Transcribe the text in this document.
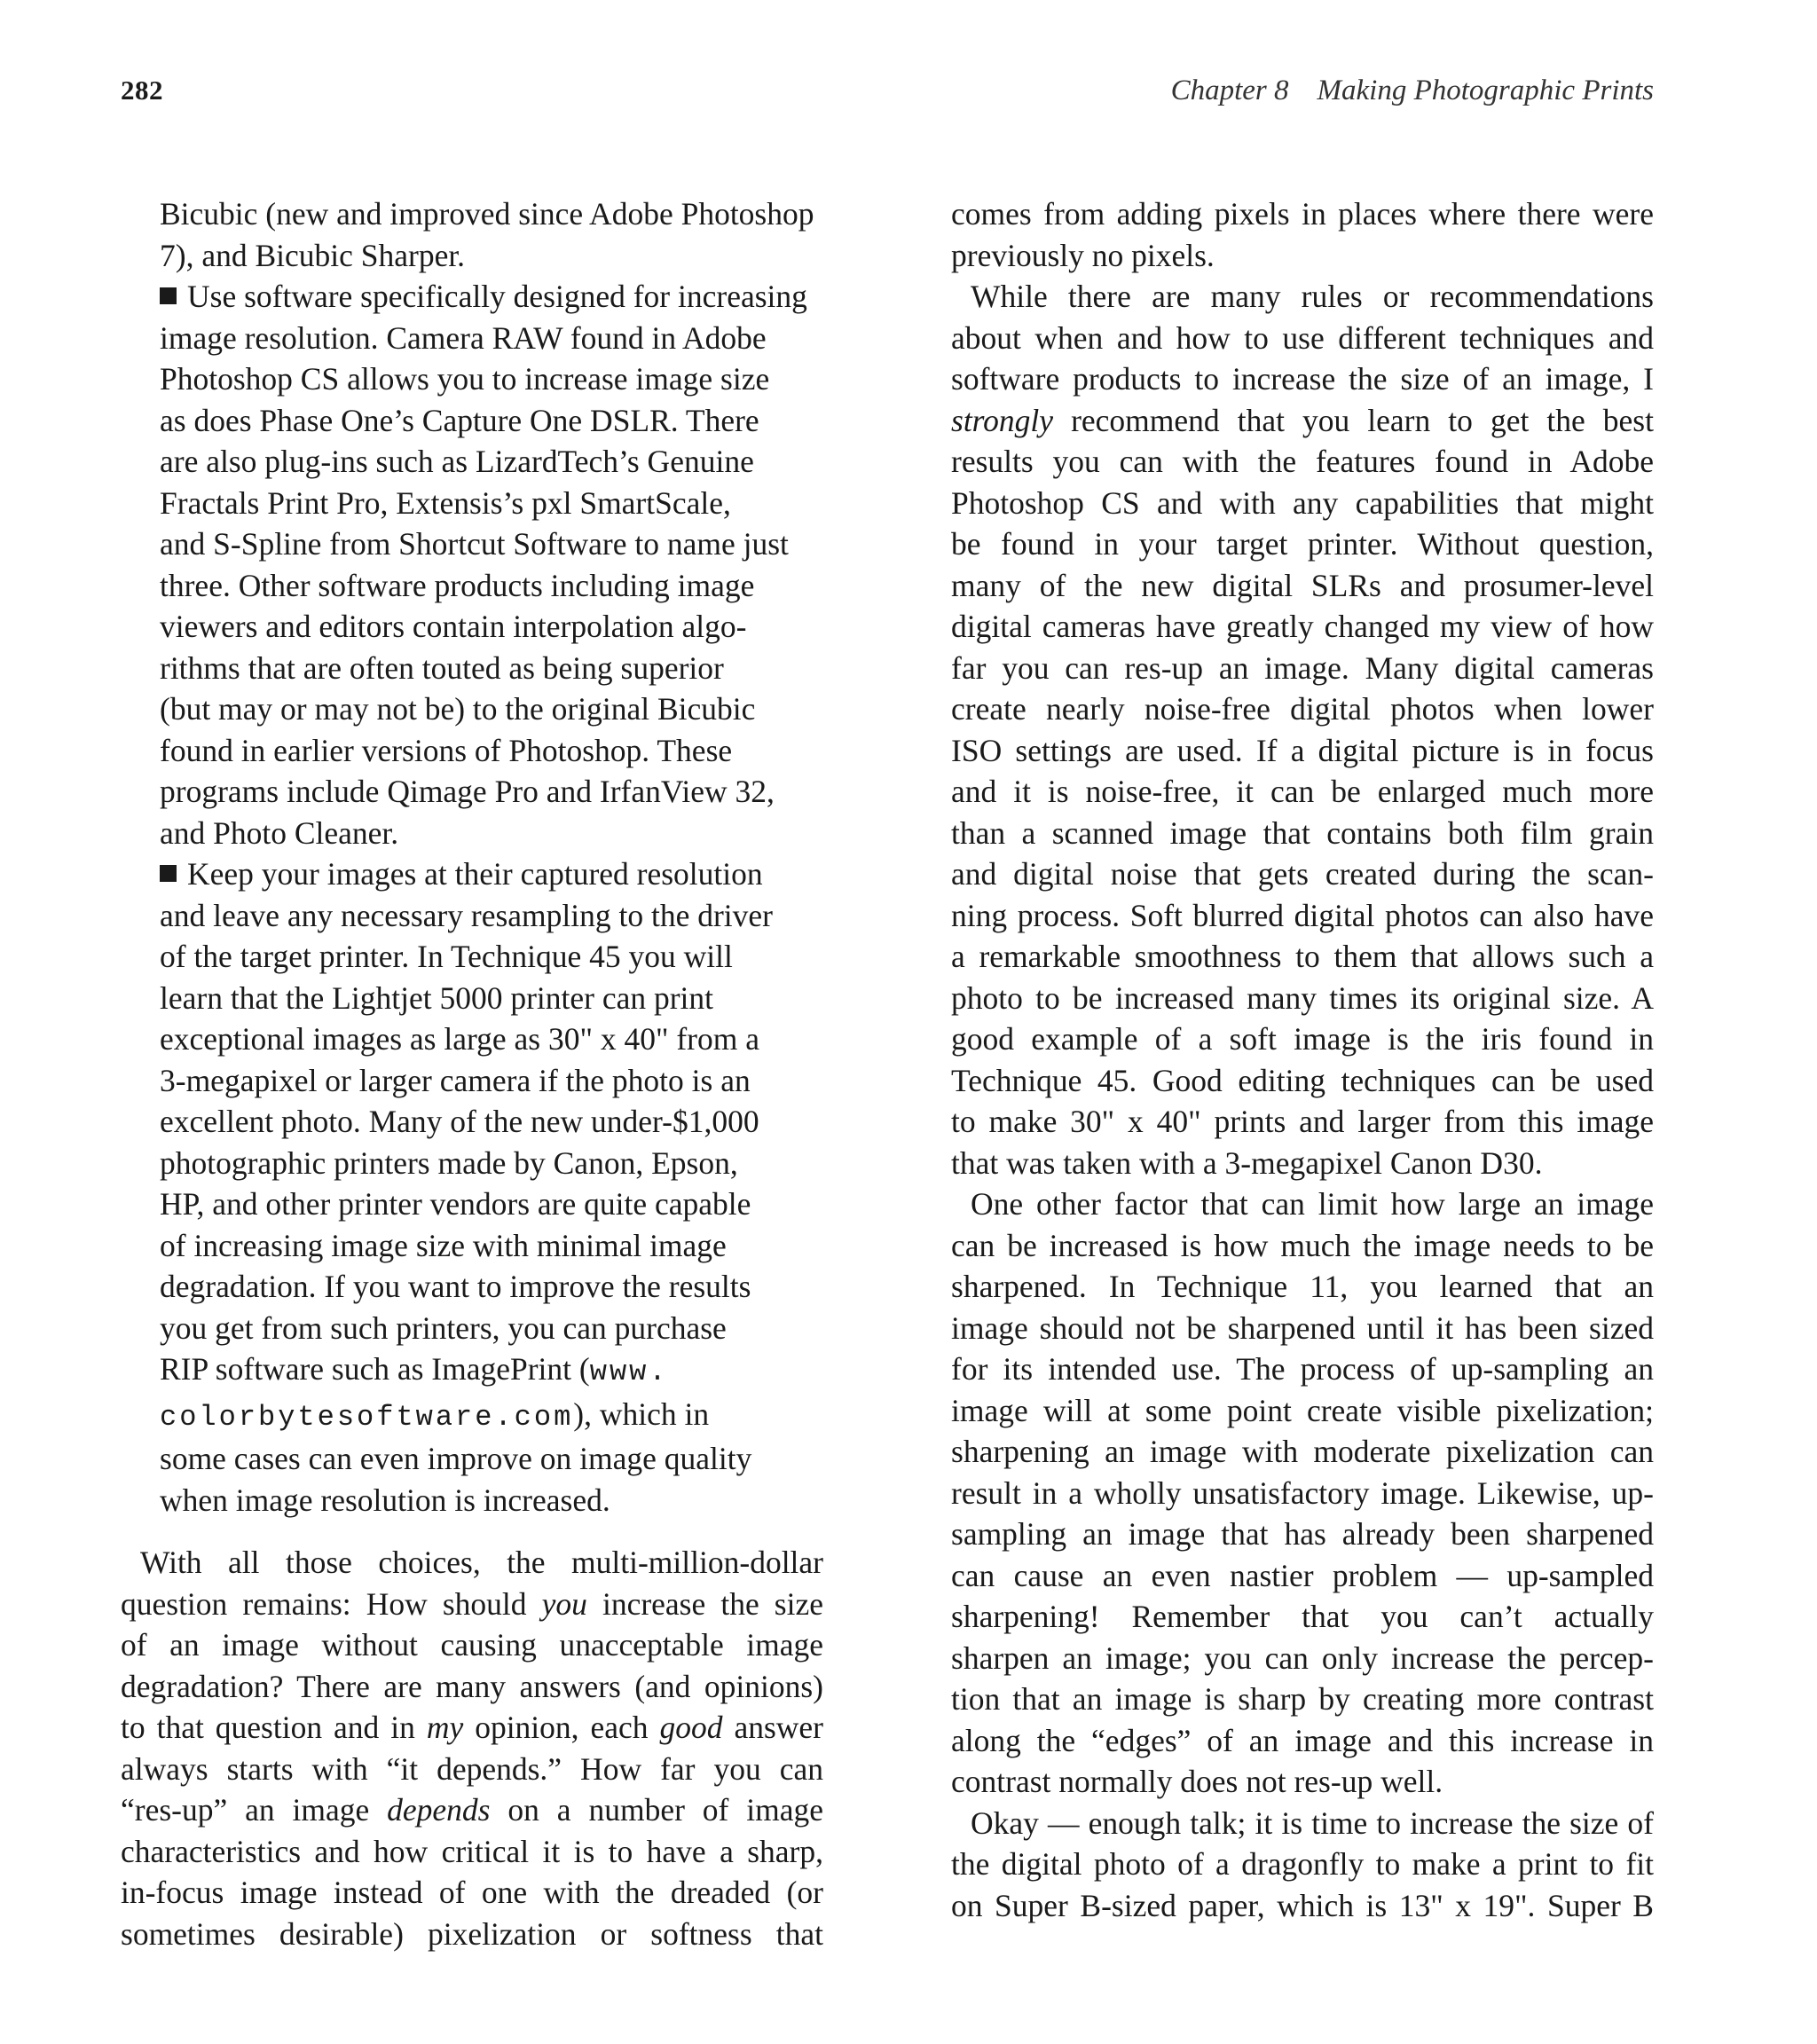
282	Chapter 8 Making Photographic Prints
Bicubic (new and improved since Adobe Photoshop
7), and Bicubic Sharper.
Use software specifically designed for increasing
image resolution. Camera RAW found in Adobe
Photoshop CS allows you to increase image size
as does Phase One’s Capture One DSLR. There
are also plug-ins such as LizardTech’s Genuine
Fractals Print Pro, Extensis’s pxl SmartScale,
and S-Spline from Shortcut Software to name just
three. Other software products including image
viewers and editors contain interpolation algo-
rithms that are often touted as being superior
(but may or may not be) to the original Bicubic
found in earlier versions of Photoshop. These
programs include Qimage Pro and IrfanView 32,
and Photo Cleaner.
Keep your images at their captured resolution
and leave any necessary resampling to the driver
of the target printer. In Technique 45 you will
learn that the Lightjet 5000 printer can print
exceptional images as large as 30" x 40" from a
3-megapixel or larger camera if the photo is an
excellent photo. Many of the new under-$1,000
photographic printers made by Canon, Epson,
HP, and other printer vendors are quite capable
of increasing image size with minimal image
degradation. If you want to improve the results
you get from such printers, you can purchase
RIP software such as ImagePrint (www.
colorbytesoftware.com), which in
some cases can even improve on image quality
when image resolution is increased.
With all those choices, the multi-million-dollar
question remains: How should you increase the size
of an image without causing unacceptable image
degradation? There are many answers (and opinions)
to that question and in my opinion, each good answer
always starts with “it depends.” How far you can
“res-up” an image depends on a number of image
characteristics and how critical it is to have a sharp,
in-focus image instead of one with the dreaded (or
sometimes desirable) pixelization or softness that
comes from adding pixels in places where there were
previously no pixels.
While there are many rules or recommendations
about when and how to use different techniques and
software products to increase the size of an image, I
strongly recommend that you learn to get the best
results you can with the features found in Adobe
Photoshop CS and with any capabilities that might
be found in your target printer. Without question,
many of the new digital SLRs and prosumer-level
digital cameras have greatly changed my view of how
far you can res-up an image. Many digital cameras
create nearly noise-free digital photos when lower
ISO settings are used. If a digital picture is in focus
and it is noise-free, it can be enlarged much more
than a scanned image that contains both film grain
and digital noise that gets created during the scan-
ning process. Soft blurred digital photos can also have
a remarkable smoothness to them that allows such a
photo to be increased many times its original size. A
good example of a soft image is the iris found in
Technique 45. Good editing techniques can be used
to make 30" x 40" prints and larger from this image
that was taken with a 3-megapixel Canon D30.
One other factor that can limit how large an image
can be increased is how much the image needs to be
sharpened. In Technique 11, you learned that an
image should not be sharpened until it has been sized
for its intended use. The process of up-sampling an
image will at some point create visible pixelization;
sharpening an image with moderate pixelization can
result in a wholly unsatisfactory image. Likewise, up-
sampling an image that has already been sharpened
can cause an even nastier problem — up-sampled
sharpening! Remember that you can’t actually
sharpen an image; you can only increase the percep-
tion that an image is sharp by creating more contrast
along the “edges” of an image and this increase in
contrast normally does not res-up well.
Okay — enough talk; it is time to increase the size of
the digital photo of a dragonfly to make a print to fit
on Super B-sized paper, which is 13" x 19". Super B
